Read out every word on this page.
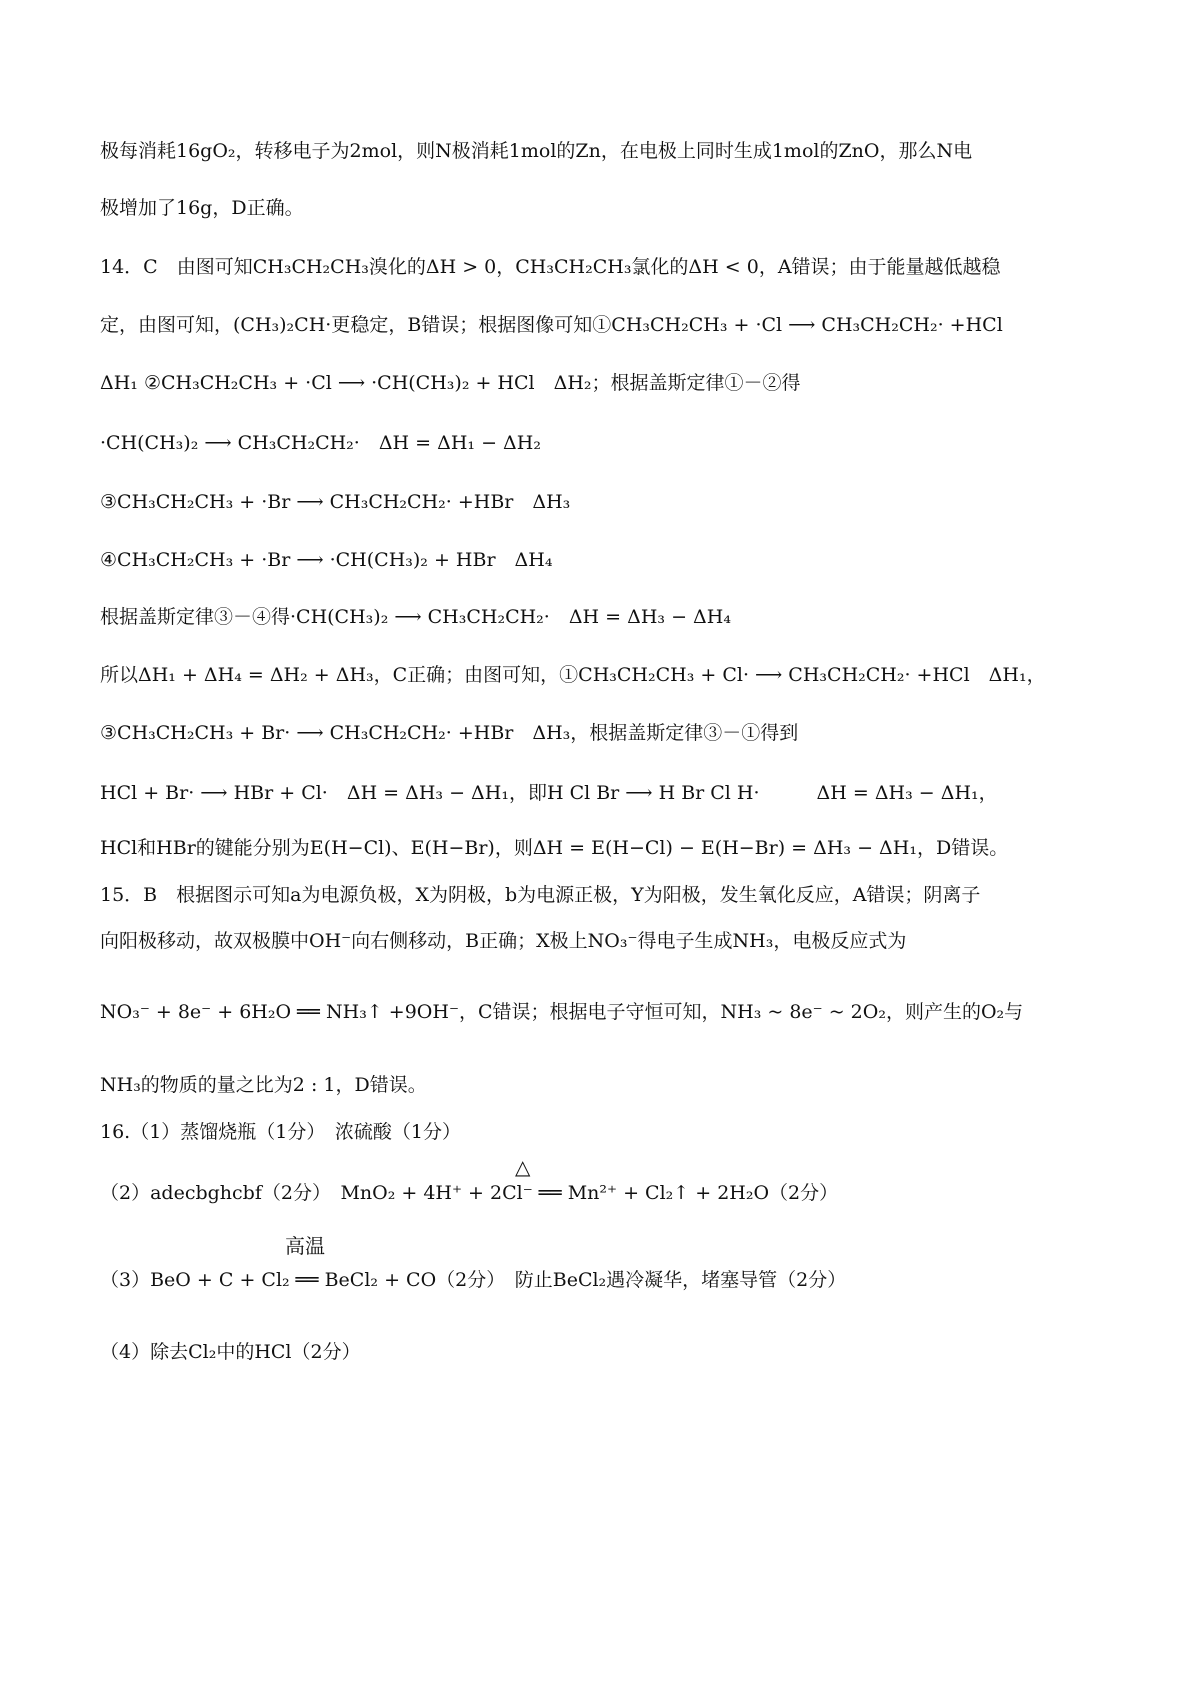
极每消耗16gO₂，转移电子为2mol，则N极消耗1mol的Zn，在电极上同时生成1mol的ZnO，那么N电
极增加了16g，D正确。
14．C　由图可知CH₃CH₂CH₃溴化的ΔH > 0，CH₃CH₂CH₃氯化的ΔH < 0，A错误；由于能量越低越稳
定，由图可知，(CH₃)₂CH·更稳定，B错误；根据图像可知①CH₃CH₂CH₃ + ·Cl ⟶ CH₃CH₂CH₂· +HCl
ΔH₁ ②CH₃CH₂CH₃ + ·Cl ⟶ ·CH(CH₃)₂ + HCl　ΔH₂；根据盖斯定律①－②得
·CH(CH₃)₂ ⟶ CH₃CH₂CH₂·　ΔH = ΔH₁ − ΔH₂
③CH₃CH₂CH₃ + ·Br ⟶ CH₃CH₂CH₂· +HBr　ΔH₃
④CH₃CH₂CH₃ + ·Br ⟶ ·CH(CH₃)₂ + HBr　ΔH₄
根据盖斯定律③－④得·CH(CH₃)₂ ⟶ CH₃CH₂CH₂·　ΔH = ΔH₃ − ΔH₄
所以ΔH₁ + ΔH₄ = ΔH₂ + ΔH₃，C正确；由图可知，①CH₃CH₂CH₃ + Cl· ⟶ CH₃CH₂CH₂· +HCl　ΔH₁，
③CH₃CH₂CH₃ + Br· ⟶ CH₃CH₂CH₂· +HBr　ΔH₃，根据盖斯定律③－①得到
HCl + Br· ⟶ HBr + Cl·　ΔH = ΔH₃ − ΔH₁，即H Cl Br ⟶ H Br Cl H·　　　ΔH = ΔH₃ − ΔH₁，
HCl和HBr的键能分别为E(H−Cl)、E(H−Br)，则ΔH = E(H−Cl) − E(H−Br) = ΔH₃ − ΔH₁，D错误。
15．B　根据图示可知a为电源负极，X为阴极，b为电源正极，Y为阳极，发生氧化反应，A错误；阴离子
向阳极移动，故双极膜中OH⁻向右侧移动，B正确；X极上NO₃⁻得电子生成NH₃，电极反应式为
NO₃⁻ + 8e⁻ + 6H₂O ══ NH₃↑ +9OH⁻，C错误；根据电子守恒可知，NH₃ ~ 8e⁻ ~ 2O₂，则产生的O₂与
NH₃的物质的量之比为2 : 1，D错误。
16.（1）蒸馏烧瓶（1分）　浓硫酸（1分）
（2）adecbghcbf（2分）　MnO₂ + 4H⁺ + 2Cl⁻ ══ Mn²⁺ + Cl₂↑ + 2H₂O（2分）
△
（3）BeO + C + Cl₂ ══ BeCl₂ + CO（2分）　防止BeCl₂遇冷凝华，堵塞导管（2分）
高温
（4）除去Cl₂中的HCl（2分）
